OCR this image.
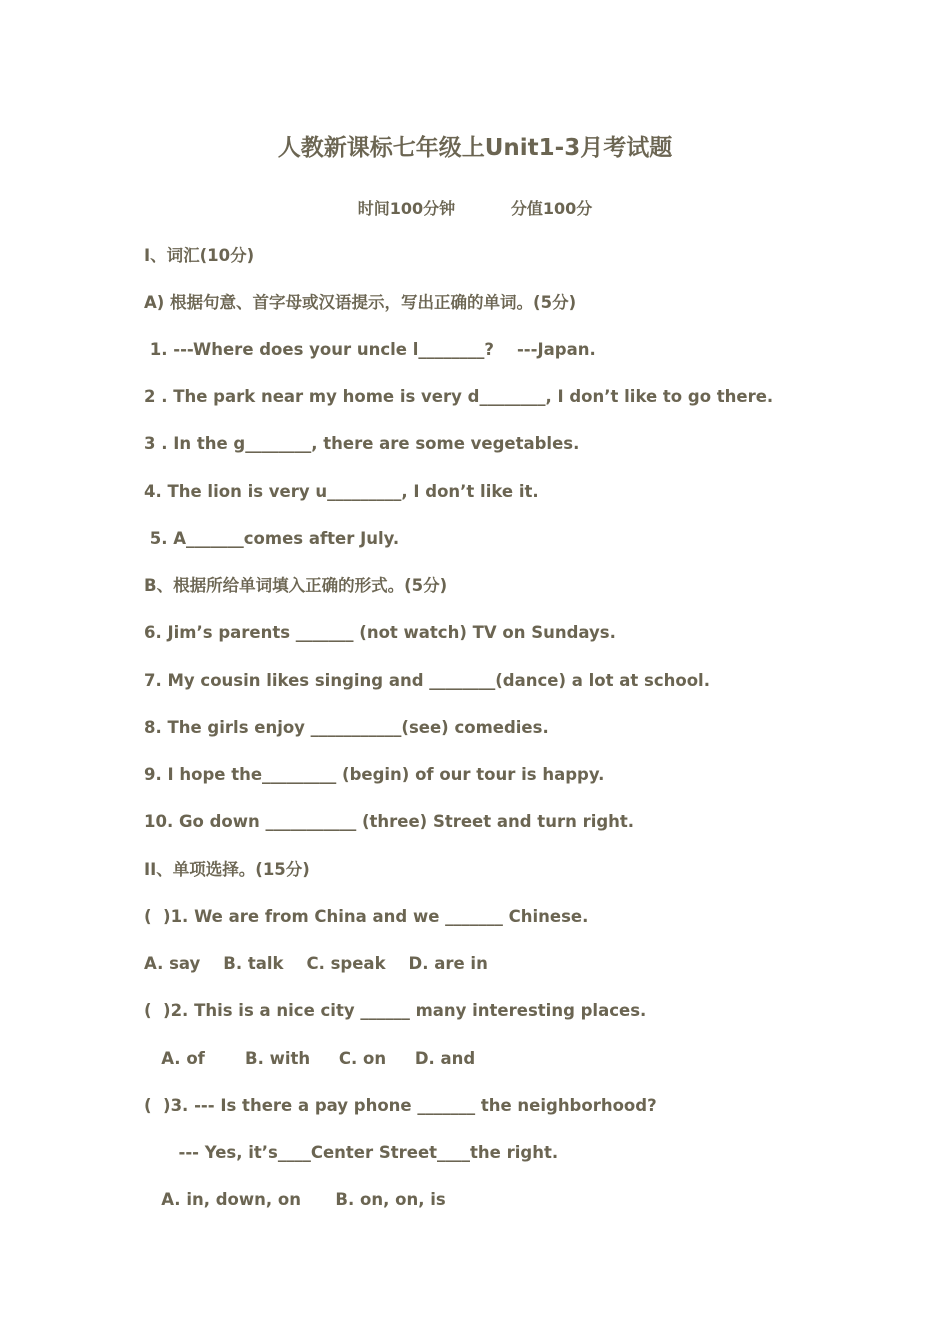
人教新课标七年级上Unit1-3月考试题
时间100分钟          分值100分
I、词汇(10分)
A) 根据句意、首字母或汉语提示，写出正确的单词。(5分)
1. ---Where does your uncle l________?    ---Japan.
2 . The park near my home is very d________, I don’t like to go there.
3 . In the g________, there are some vegetables.
4. The lion is very u_________, I don’t like it.
5. A_______comes after July.
B、根据所给单词填入正确的形式。(5分)
6. Jim’s parents _______ (not watch) TV on Sundays.
7. My cousin likes singing and ________(dance) a lot at school.
8. The girls enjoy ___________(see) comedies.
9. I hope the_________ (begin) of our tour is happy.
10. Go down ___________ (three) Street and turn right.
II、单项选择。(15分)
(  )1. We are from China and we _______ Chinese.
A. say    B. talk    C. speak    D. are in
(  )2. This is a nice city ______ many interesting places.
A. of       B. with     C. on     D. and
(  )3. --- Is there a pay phone _______ the neighborhood?
--- Yes, it’s____Center Street____the right.
A. in, down, on      B. on, on, is
